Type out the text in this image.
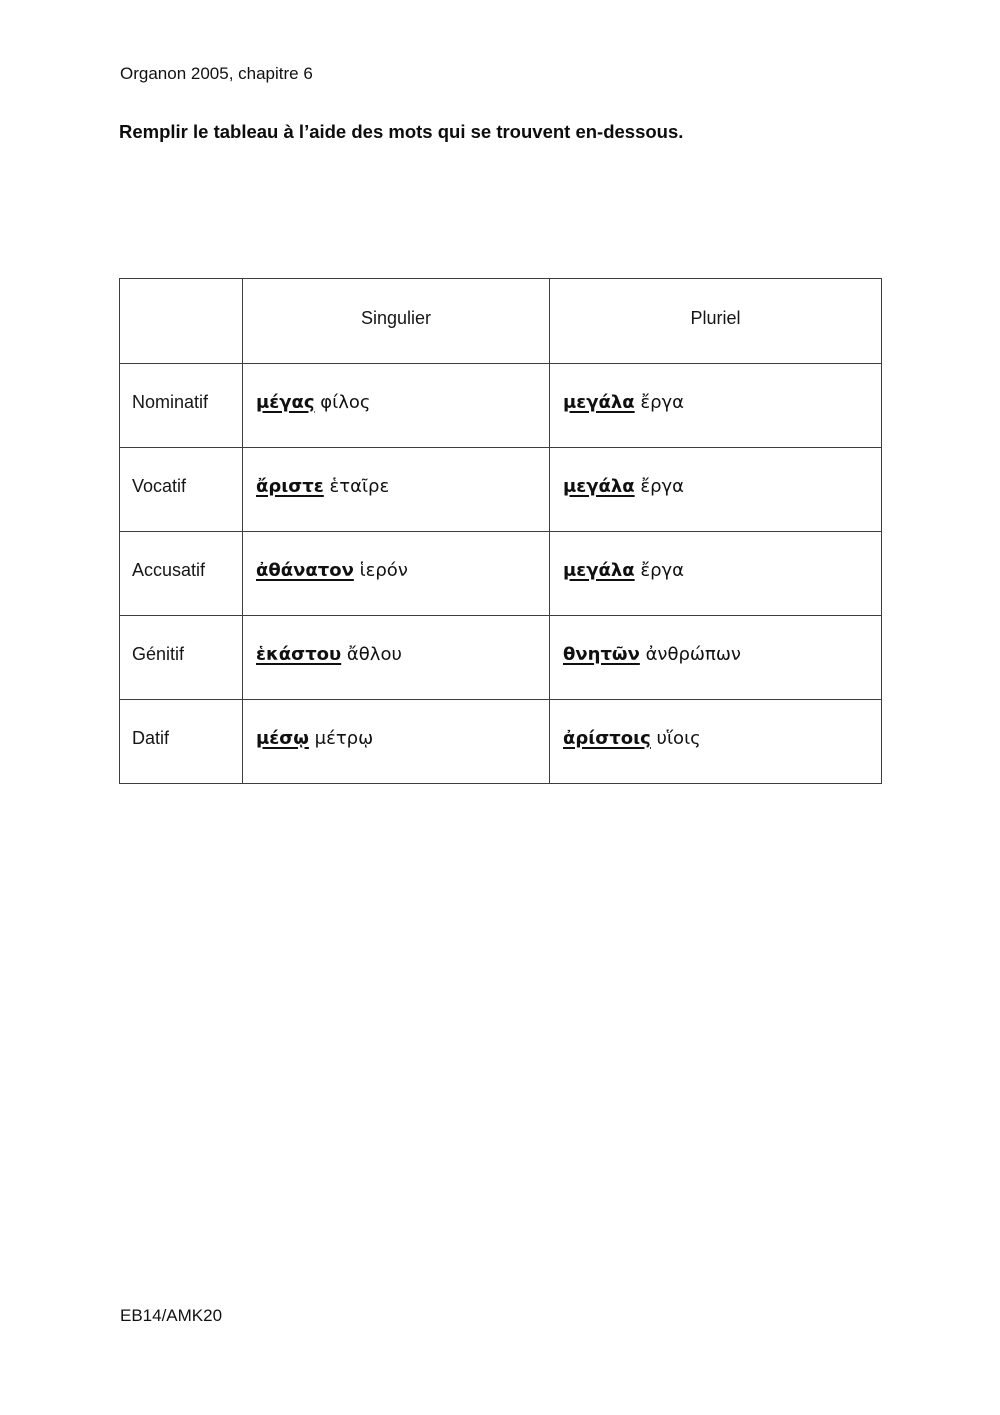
Organon 2005, chapitre 6
Remplir le tableau à l’aide des mots qui se trouvent en-dessous.
	Singulier	Pluriel
Nominatif	μέγας φίλος	μεγάλα ἔργα
Vocatif	ἄριστε ἑταῖρε	μεγάλα ἔργα
Accusatif	ἀθάνατον ἱερόν	μεγάλα ἔργα
Génitif	ἑκάστου ἄθλου	θνητῶν ἀνθρώπων
Datif	μέσῳ μέτρῳ	ἀρίστοις υἵοις
EB14/AMK20
